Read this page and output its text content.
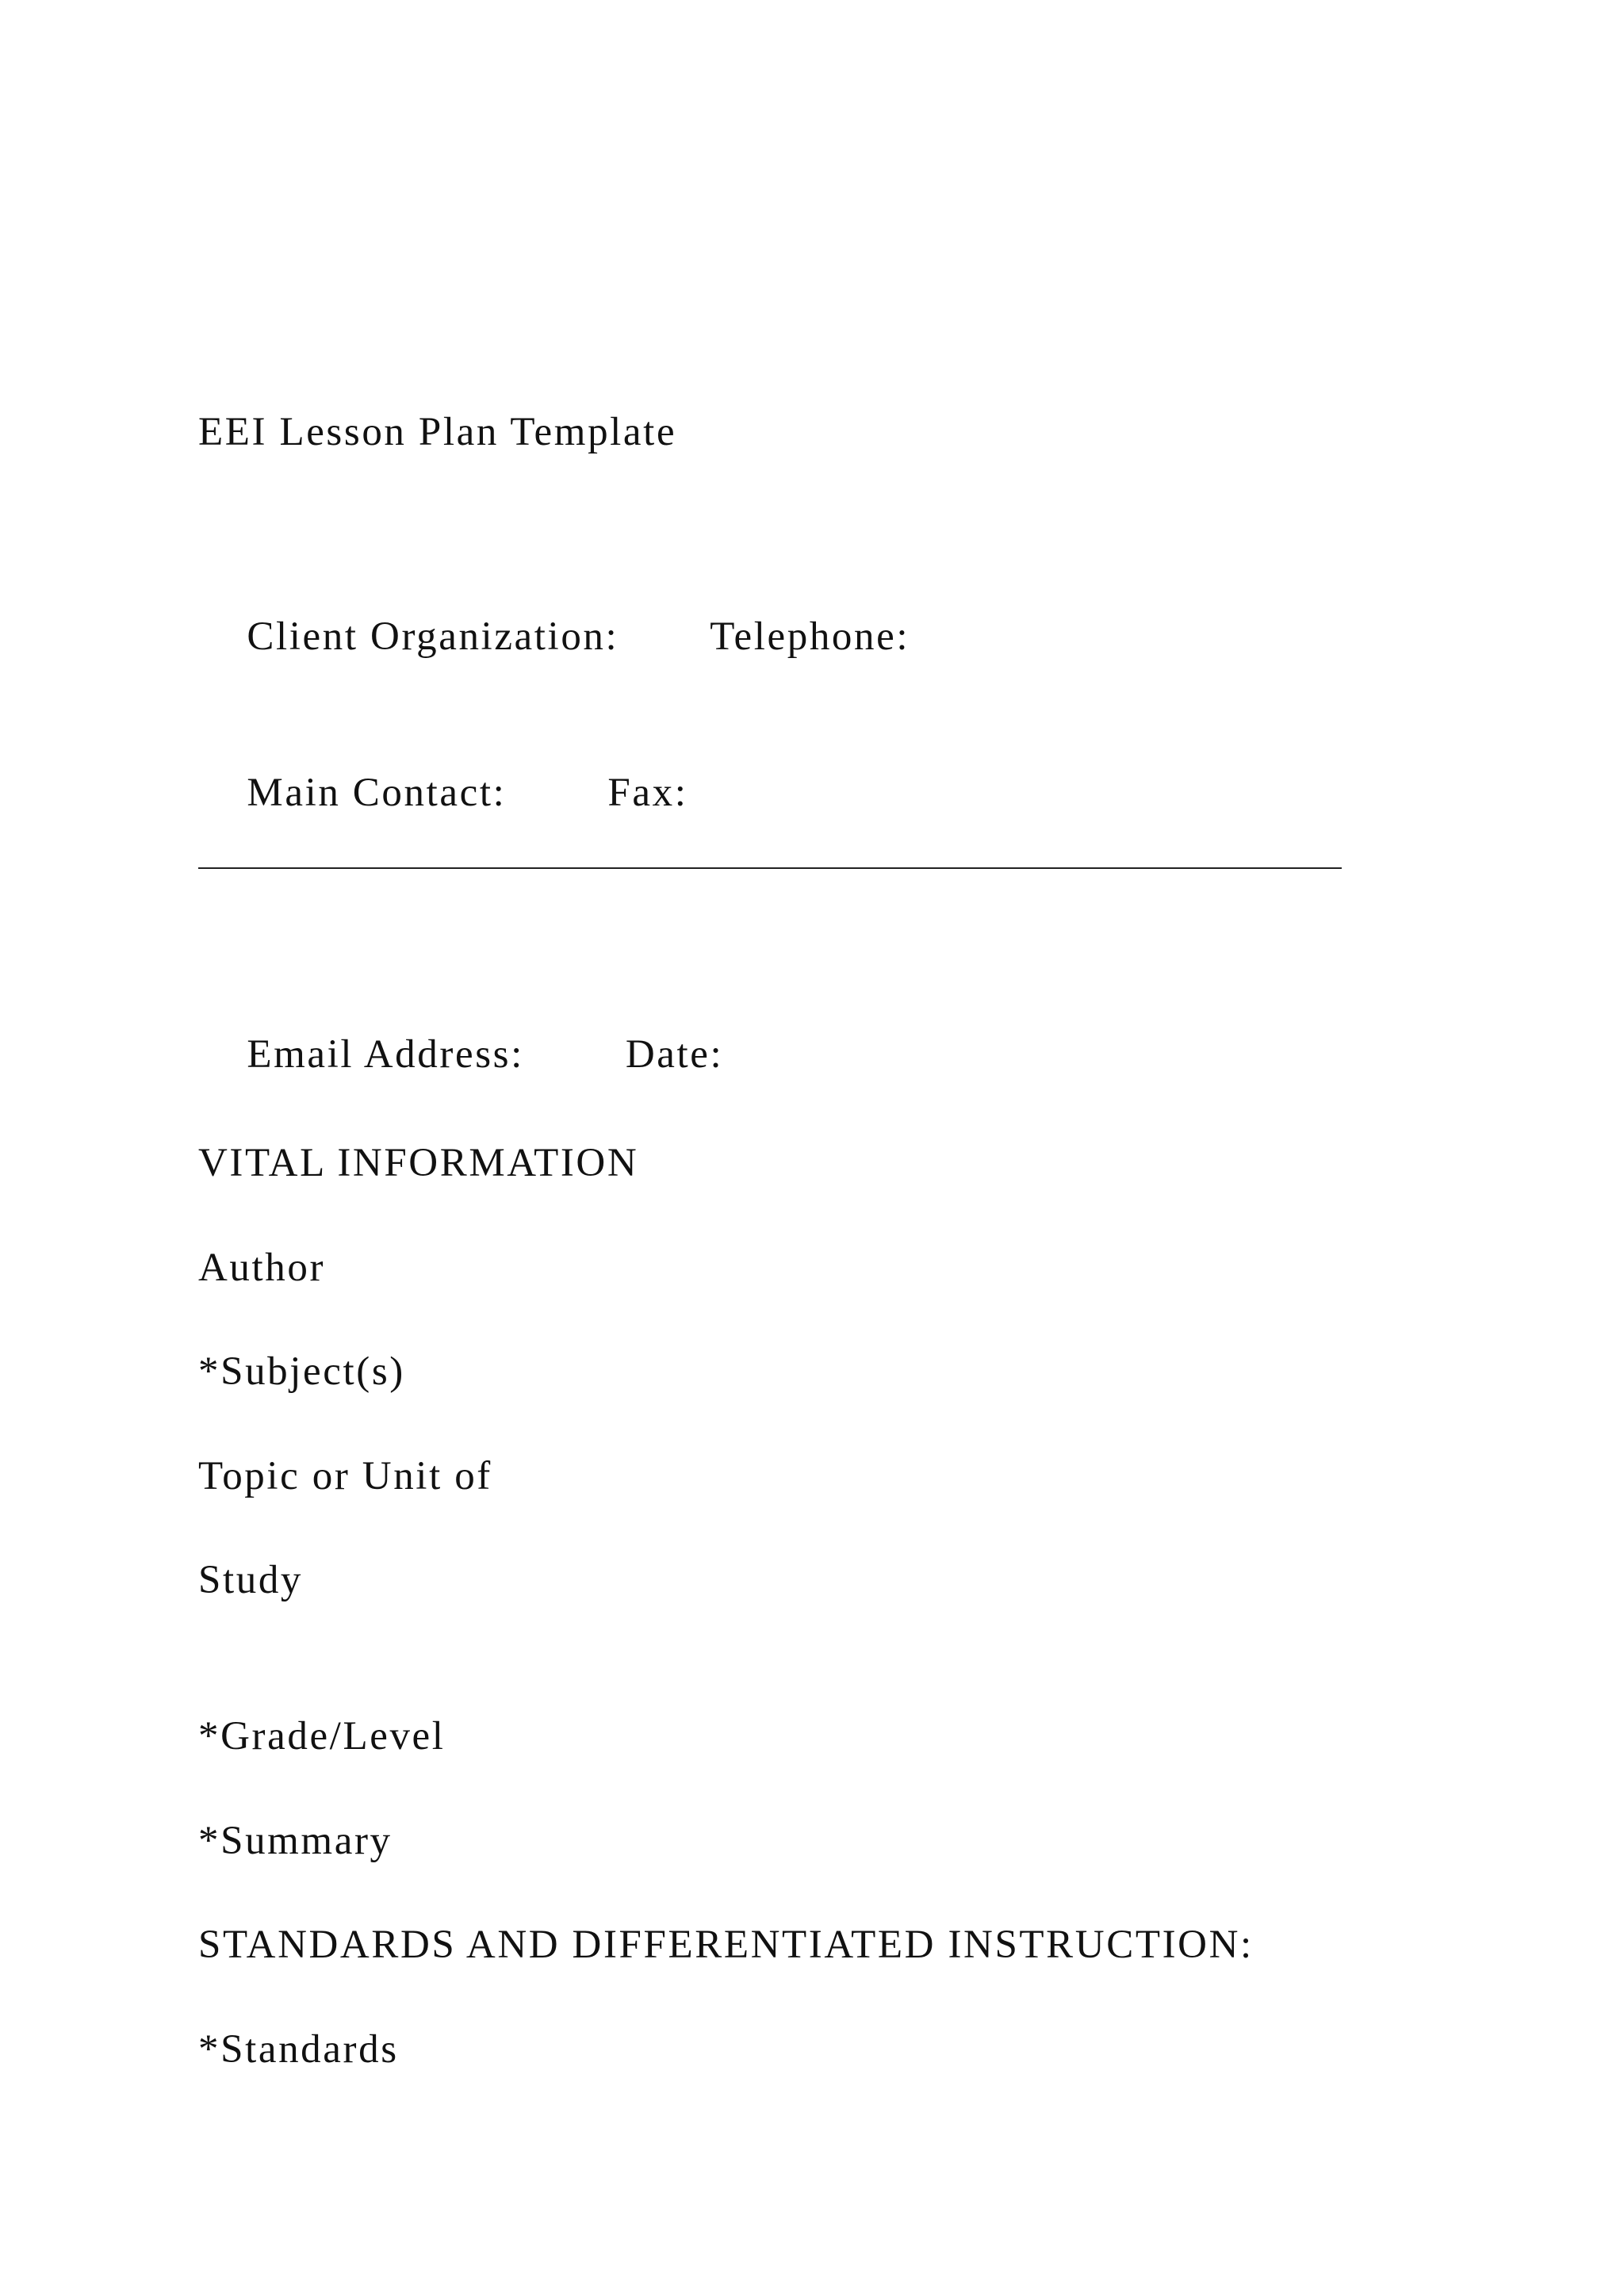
EEI Lesson Plan Template

Client Organization: Telephone:

Main Contact:	Fax:

Email Address:	Date:

VITAL INFORMATION
Author
*Subject(s)
Topic or Unit of
Study
*Grade/Level
*Summary
STANDARDS AND DIFFERENTIATED INSTRUCTION:
*Standards
